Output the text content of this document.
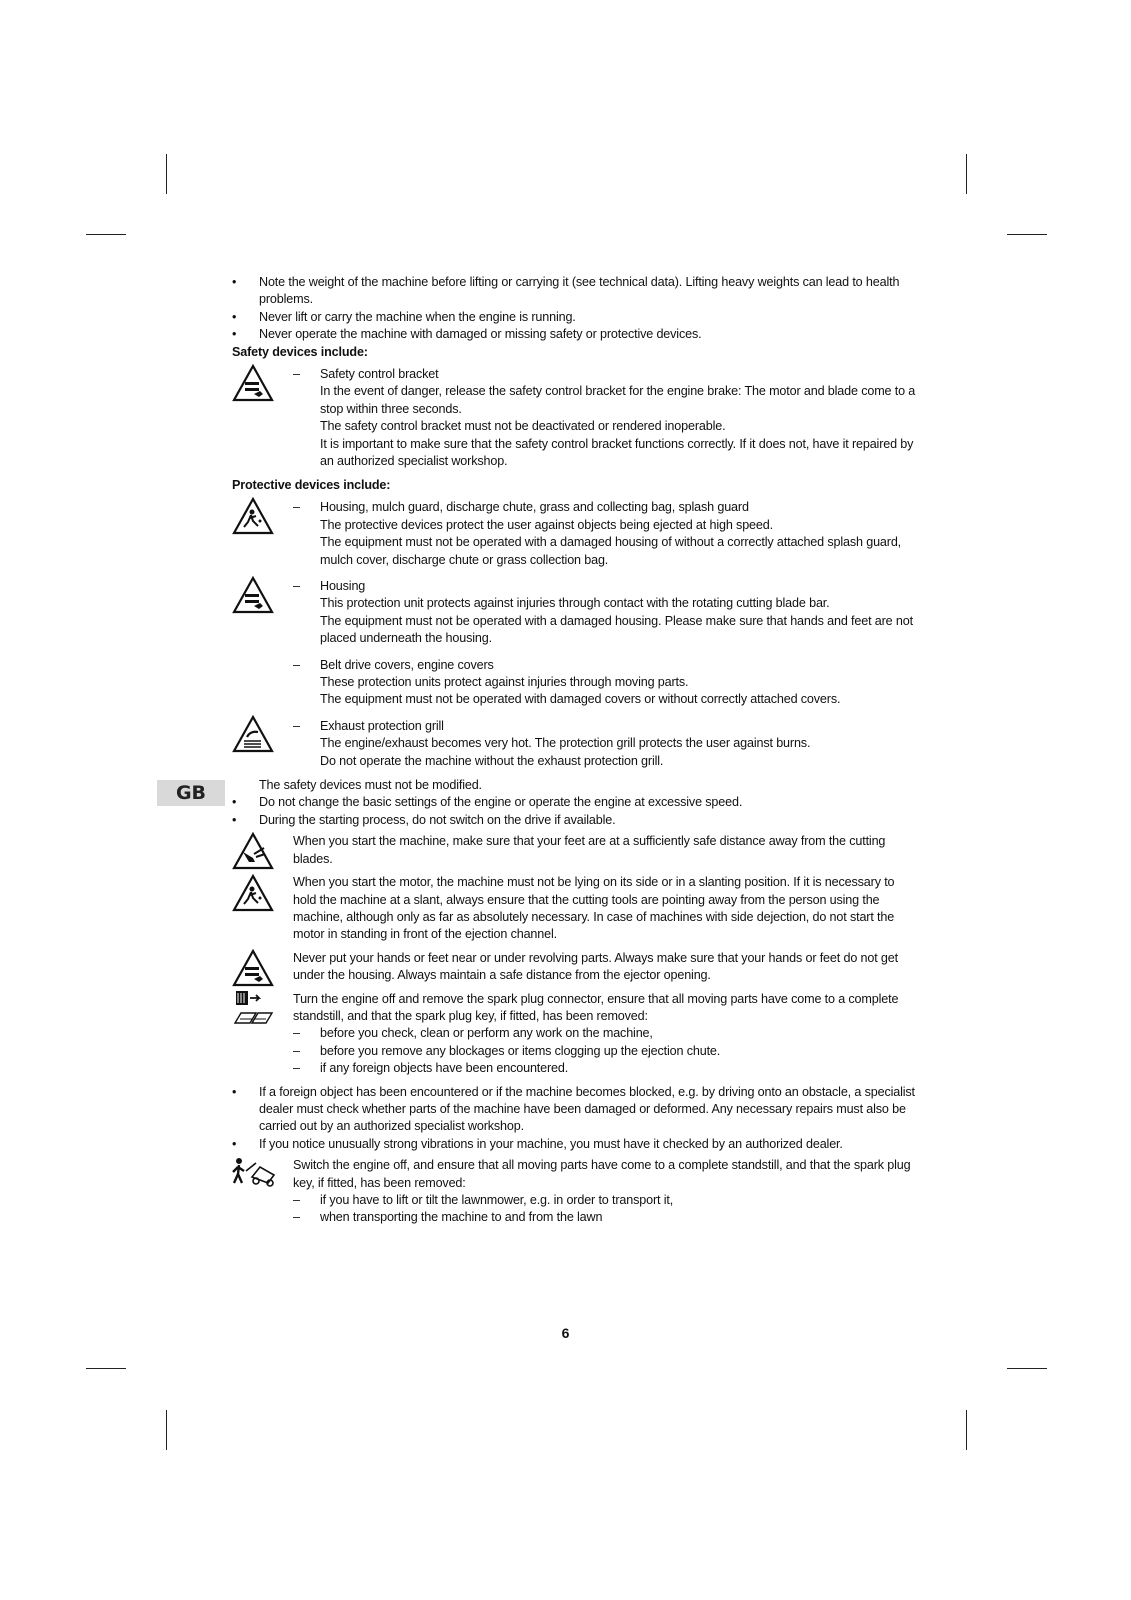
GB

• Note the weight of the machine before lifting or carrying it (see technical data). Lifting heavy weights can lead to health problems.

• Never lift or carry the machine when the engine is running.

• Never operate the machine with damaged or missing safety or protective devices.

Safety devices include:

– Safety control bracket

In the event of danger, release the safety control bracket for the engine brake: The motor and blade come to a stop within three seconds.

The safety control bracket must not be deactivated or rendered inoperable.

It is important to make sure that the safety control bracket functions correctly. If it does not, have it repaired by an authorized specialist workshop.

Protective devices include:

– Housing, mulch guard, discharge chute, grass and collecting bag, splash guard

The protective devices protect the user against objects being ejected at high speed.

The equipment must not be operated with a damaged housing of without a correctly attached splash guard, mulch cover, discharge chute or grass collection bag.

– Housing

This protection unit protects against injuries through contact with the rotating cutting blade bar.

The equipment must not be operated with a damaged housing. Please make sure that hands and feet are not placed underneath the housing.

– Belt drive covers, engine covers

These protection units protect against injuries through moving parts.

The equipment must not be operated with damaged covers or without correctly attached covers.

– Exhaust protection grill

The engine/exhaust becomes very hot. The protection grill protects the user against burns.

Do not operate the machine without the exhaust protection grill.

The safety devices must not be modified.

• Do not change the basic settings of the engine or operate the engine at excessive speed.

• During the starting process, do not switch on the drive if available.

When you start the machine, make sure that your feet are at a sufficiently safe distance away from the cutting blades.

When you start the motor, the machine must not be lying on its side or in a slanting position. If it is necessary to hold the machine at a slant, always ensure that the cutting tools are pointing away from the person using the machine, although only as far as absolutely necessary. In case of machines with side dejection, do not start the motor in standing in front of the ejection channel.

Never put your hands or feet near or under revolving parts. Always make sure that your hands or feet do not get under the housing. Always maintain a safe distance from the ejector opening.

Turn the engine off and remove the spark plug connector, ensure that all moving parts have come to a complete standstill, and that the spark plug key, if fitted, has been removed:

– before you check, clean or perform any work on the machine,

– before you remove any blockages or items clogging up the ejection chute.

– if any foreign objects have been encountered.

• If a foreign object has been encountered or if the machine becomes blocked, e.g. by driving onto an obstacle, a specialist dealer must check whether parts of the machine have been damaged or deformed. Any necessary repairs must also be carried out by an authorized specialist workshop.

• If you notice unusually strong vibrations in your machine, you must have it checked by an authorized dealer.

Switch the engine off, and ensure that all moving parts have come to a complete standstill, and that the spark plug key, if fitted, has been removed:

– if you have to lift or tilt the lawnmower, e.g. in order to transport it,

– when transporting the machine to and from the lawn

6
